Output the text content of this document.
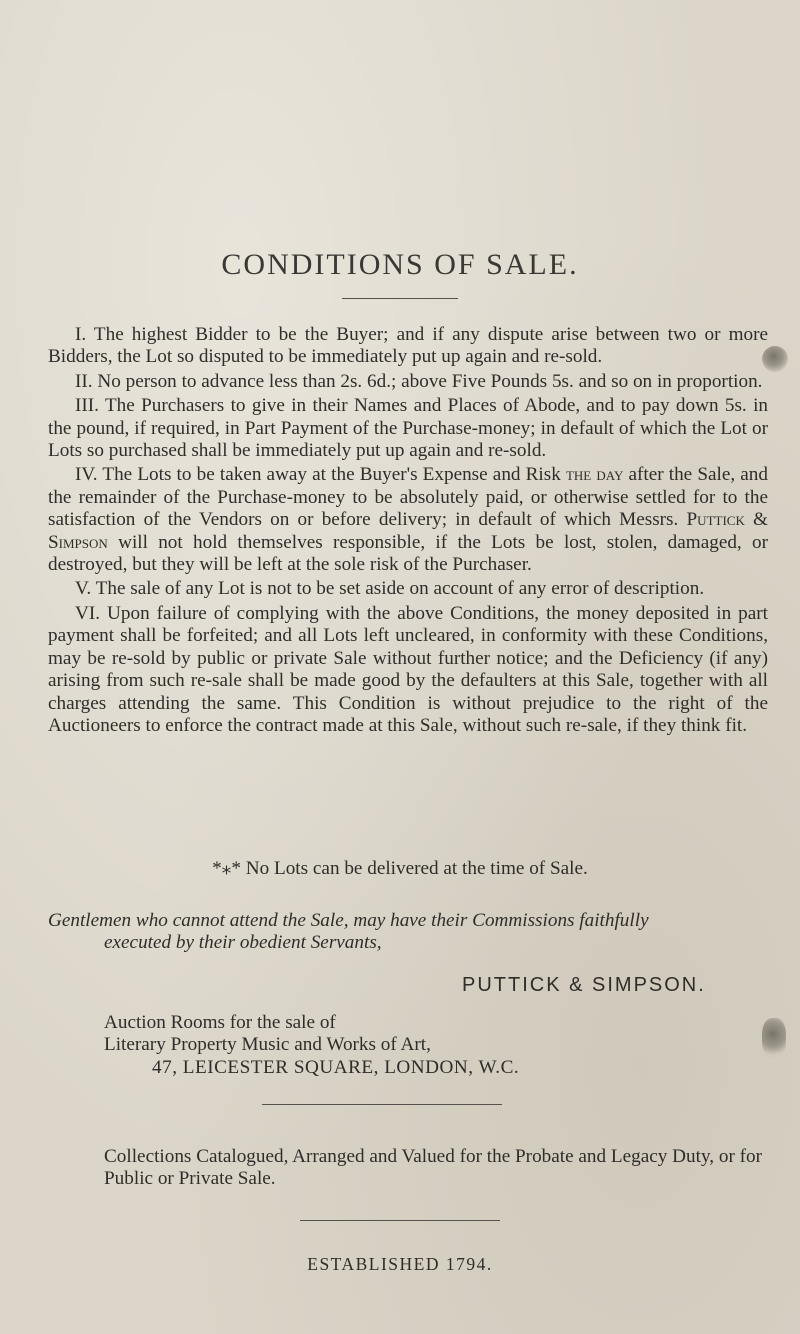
CONDITIONS OF SALE.

I. The highest Bidder to be the Buyer; and if any dispute arise between two or more Bidders, the Lot so disputed to be immediately put up again and re-sold.

II. No person to advance less than 2s. 6d.; above Five Pounds 5s. and so on in proportion.

III. The Purchasers to give in their Names and Places of Abode, and to pay down 5s. in the pound, if required, in Part Payment of the Purchase-money; in default of which the Lot or Lots so purchased shall be immediately put up again and re-sold.

IV. The Lots to be taken away at the Buyer's Expense and Risk the day after the Sale, and the remainder of the Purchase-money to be absolutely paid, or otherwise settled for to the satisfaction of the Vendors on or before delivery; in default of which Messrs. Puttick & Simpson will not hold themselves responsible, if the Lots be lost, stolen, damaged, or destroyed, but they will be left at the sole risk of the Purchaser.

V. The sale of any Lot is not to be set aside on account of any error of description.

VI. Upon failure of complying with the above Conditions, the money deposited in part payment shall be forfeited; and all Lots left uncleared, in conformity with these Conditions, may be re-sold by public or private Sale without further notice; and the Deficiency (if any) arising from such re-sale shall be made good by the defaulters at this Sale, together with all charges attending the same. This Condition is without prejudice to the right of the Auctioneers to enforce the contract made at this Sale, without such re-sale, if they think fit.

*⁎* No Lots can be delivered at the time of Sale.
Gentlemen who cannot attend the Sale, may have their Commissions faithfully
executed by their obedient Servants,
PUTTICK & SIMPSON.
Auction Rooms for the sale of
Literary Property Music and Works of Art,
47, LEICESTER SQUARE, LONDON, W.C.
Collections Catalogued, Arranged and Valued for the Probate and Legacy Duty, or for Public or Private Sale.
ESTABLISHED 1794.
